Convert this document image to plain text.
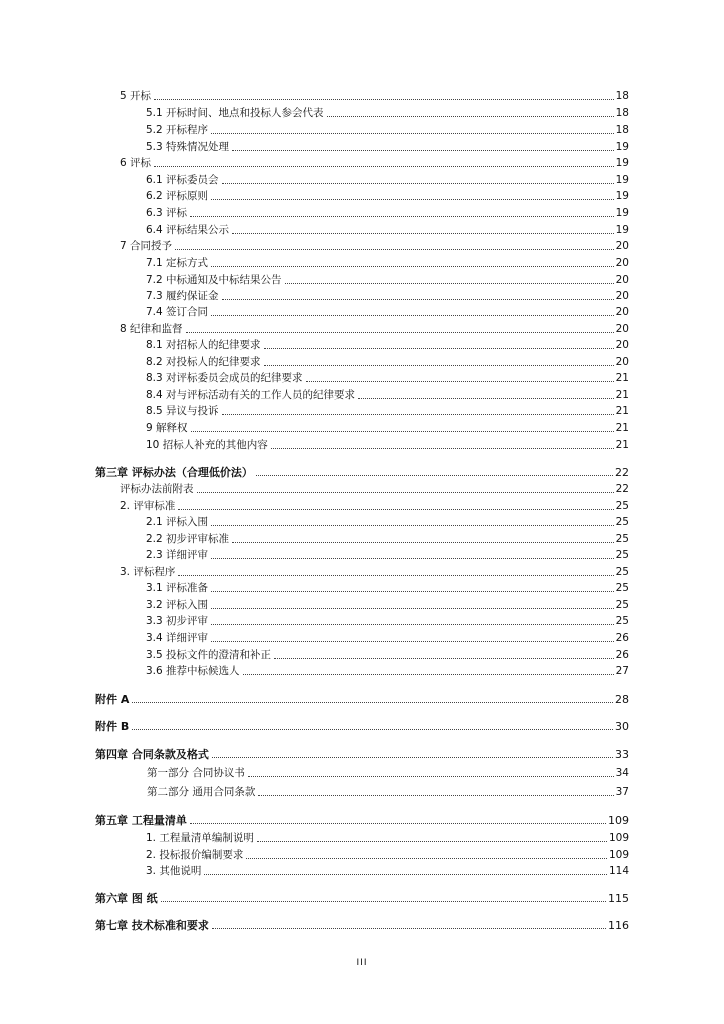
5 开标	18
5.1 开标时间、地点和投标人参会代表	18
5.2 开标程序	18
5.3 特殊情况处理	19
6 评标	19
6.1 评标委员会	19
6.2 评标原则	19
6.3 评标	19
6.4 评标结果公示	19
7 合同授予	20
7.1 定标方式	20
7.2 中标通知及中标结果公告	20
7.3 履约保证金	20
7.4 签订合同	20
8 纪律和监督	20
8.1 对招标人的纪律要求	20
8.2 对投标人的纪律要求	20
8.3 对评标委员会成员的纪律要求	21
8.4 对与评标活动有关的工作人员的纪律要求	21
8.5 异议与投诉	21
9 解释权	21
10 招标人补充的其他内容	21
第三章 评标办法（合理低价法）	22
评标办法前附表	22
2. 评审标准	25
2.1 评标入围	25
2.2 初步评审标准	25
2.3 详细评审	25
3. 评标程序	25
3.1 评标准备	25
3.2 评标入围	25
3.3 初步评审	25
3.4 详细评审	26
3.5 投标文件的澄清和补正	26
3.6 推荐中标候选人	27
附件 A	28
附件 B	30
第四章 合同条款及格式	33
第一部分 合同协议书	34
第二部分 通用合同条款	37
第五章 工程量清单	109
1. 工程量清单编制说明	109
2. 投标报价编制要求	109
3. 其他说明	114
第六章 图 纸	115
第七章 技术标准和要求	116
III
